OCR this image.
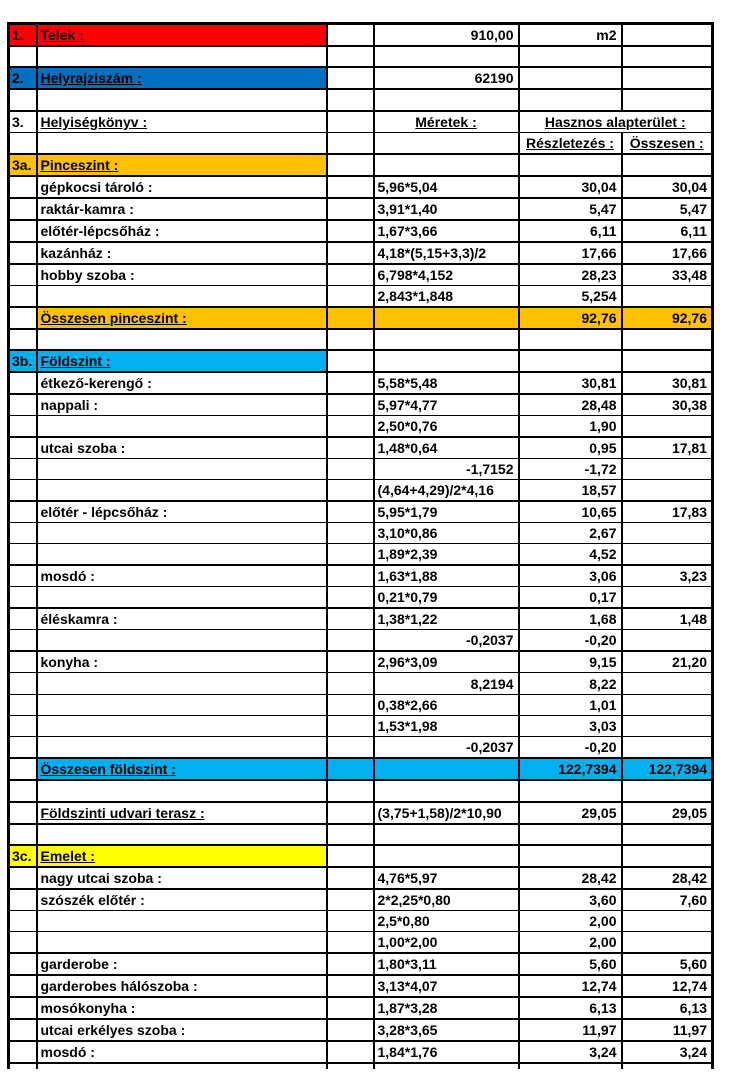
1.	Telek :		910,00	m2	

2.	Helyrajziszám :		62190		

3.	Helyiségkönyv :		Méretek :	Hasznos alapterület :	
				Részletezés :	Összesen :
3a.	Pinceszint :				
	gépkocsi tároló :		5,96*5,04	30,04	30,04
	raktár-kamra :		3,91*1,40	5,47	5,47
	előtér-lépcsőház :		1,67*3,66	6,11	6,11
	kazánház :		4,18*(5,15+3,3)/2	17,66	17,66
	hobby szoba :		6,798*4,152	28,23	33,48
			2,843*1,848	5,254	
	Összesen pinceszint :			92,76	92,76

3b.	Földszint :				
	étkező-kerengő :		5,58*5,48	30,81	30,81
	nappali :		5,97*4,77	28,48	30,38
			2,50*0,76	1,90	
	utcai szoba :		1,48*0,64	0,95	17,81
			-1,7152	-1,72	
			(4,64+4,29)/2*4,16	18,57	
	előtér - lépcsőház :		5,95*1,79	10,65	17,83
			3,10*0,86	2,67	
			1,89*2,39	4,52	
	mosdó :		1,63*1,88	3,06	3,23
			0,21*0,79	0,17	
	éléskamra :		1,38*1,22	1,68	1,48
			-0,2037	-0,20	
	konyha :		2,96*3,09	9,15	21,20
			8,2194	8,22	
			0,38*2,66	1,01	
			1,53*1,98	3,03	
			-0,2037	-0,20	
	Összesen földszint :			122,7394	122,7394

	Földszinti udvari terasz :		(3,75+1,58)/2*10,90	29,05	29,05

3c.	Emelet :				
	nagy utcai szoba :		4,76*5,97	28,42	28,42
	szószék előtér :		2*2,25*0,80	3,60	7,60
			2,5*0,80	2,00	
			1,00*2,00	2,00	
	garderobe :		1,80*3,11	5,60	5,60
	garderobes hálószoba :		3,13*4,07	12,74	12,74
	mosókonyha :		1,87*3,28	6,13	6,13
	utcai erkélyes szoba :		3,28*3,65	11,97	11,97
	mosdó :		1,84*1,76	3,24	3,24
